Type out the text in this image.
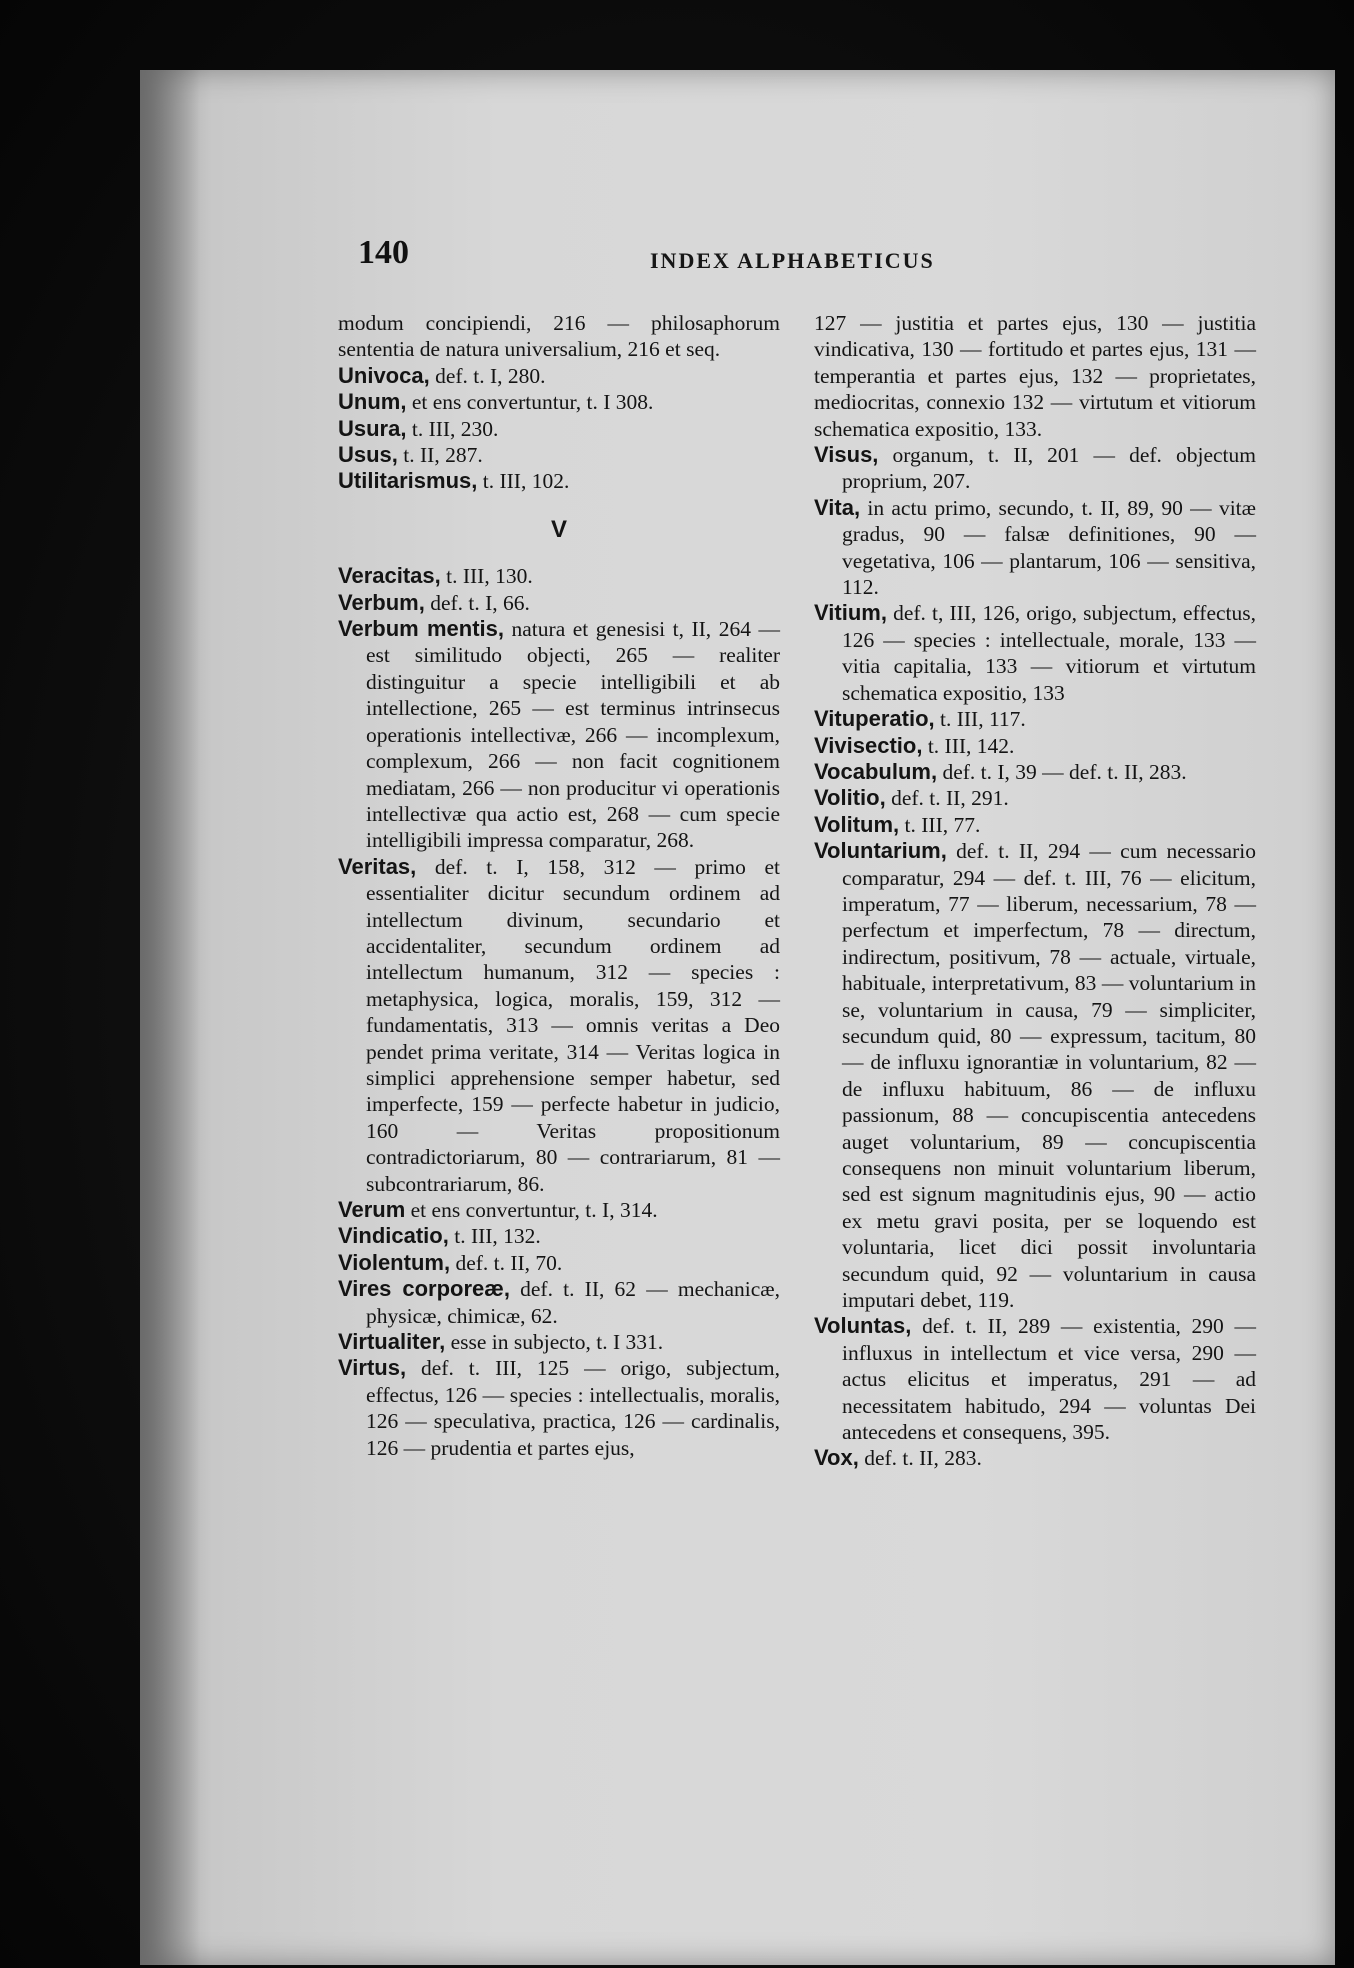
140	INDEX ALPHABETICUS

modum concipiendi, 216 — philosaphorum sententia de natura universalium, 216 et seq.

Univoca, def. t. I, 280.

Unum, et ens convertuntur, t. I 308.

Usura, t. III, 230.

Usus, t. II, 287.

Utilitarismus, t. III, 102.

V

Veracitas, t. III, 130.

Verbum, def. t. I, 66.

Verbum mentis, natura et genesisi t, II, 264 — est similitudo objecti, 265 — realiter distinguitur a specie intelligibili et ab intellectione, 265 — est terminus intrinsecus operationis intellectivæ, 266 — incomplexum, complexum, 266 — non facit cognitionem mediatam, 266 — non producitur vi operationis intellectivæ qua actio est, 268 — cum specie intelligibili impressa comparatur, 268.

Veritas, def. t. I, 158, 312 — primo et essentialiter dicitur secundum ordinem ad intellectum divinum, secundario et accidentaliter, secundum ordinem ad intellectum humanum, 312 — species : metaphysica, logica, moralis, 159, 312 — fundamentatis, 313 — omnis veritas a Deo pendet prima veritate, 314 — Veritas logica in simplici apprehensione semper habetur, sed imperfecte, 159 — perfecte habetur in judicio, 160 — Veritas propositionum contradictoriarum, 80 — contrariarum, 81 — subcontrariarum, 86.

Verum et ens convertuntur, t. I, 314.

Vindicatio, t. III, 132.

Violentum, def. t. II, 70.

Vires corporeæ, def. t. II, 62 — mechanicæ, physicæ, chimicæ, 62.

Virtualiter, esse in subjecto, t. I 331.

Virtus, def. t. III, 125 — origo, subjectum, effectus, 126 — species : intellectualis, moralis, 126 — speculativa, practica, 126 — cardinalis, 126 — prudentia et partes ejus,

127 — justitia et partes ejus, 130 — justitia vindicativa, 130 — fortitudo et partes ejus, 131 — temperantia et partes ejus, 132 — proprietates, mediocritas, connexio 132 — virtutum et vitiorum schematica expositio, 133.

Visus, organum, t. II, 201 — def. objectum proprium, 207.

Vita, in actu primo, secundo, t. II, 89, 90 — vitæ gradus, 90 — falsæ definitiones, 90 — vegetativa, 106 — plantarum, 106 — sensitiva, 112.

Vitium, def. t, III, 126, origo, subjectum, effectus, 126 — species : intellectuale, morale, 133 — vitia capitalia, 133 — vitiorum et virtutum schematica expositio, 133

Vituperatio, t. III, 117.

Vivisectio, t. III, 142.

Vocabulum, def. t. I, 39 — def. t. II, 283.

Volitio, def. t. II, 291.

Volitum, t. III, 77.

Voluntarium, def. t. II, 294 — cum necessario comparatur, 294 — def. t. III, 76 — elicitum, imperatum, 77 — liberum, necessarium, 78 — perfectum et imperfectum, 78 — directum, indirectum, positivum, 78 — actuale, virtuale, habituale, interpretativum, 83 — voluntarium in se, voluntarium in causa, 79 — simpliciter, secundum quid, 80 — expressum, tacitum, 80 — de influxu ignorantiæ in voluntarium, 82 — de influxu habituum, 86 — de influxu passionum, 88 — concupiscentia antecedens auget voluntarium, 89 — concupiscentia consequens non minuit voluntarium liberum, sed est signum magnitudinis ejus, 90 — actio ex metu gravi posita, per se loquendo est voluntaria, licet dici possit involuntaria secundum quid, 92 — voluntarium in causa imputari debet, 119.

Voluntas, def. t. II, 289 — existentia, 290 — influxus in intellectum et vice versa, 290 — actus elicitus et imperatus, 291 — ad necessitatem habitudo, 294 — voluntas Dei antecedens et consequens, 395.

Vox, def. t. II, 283.
